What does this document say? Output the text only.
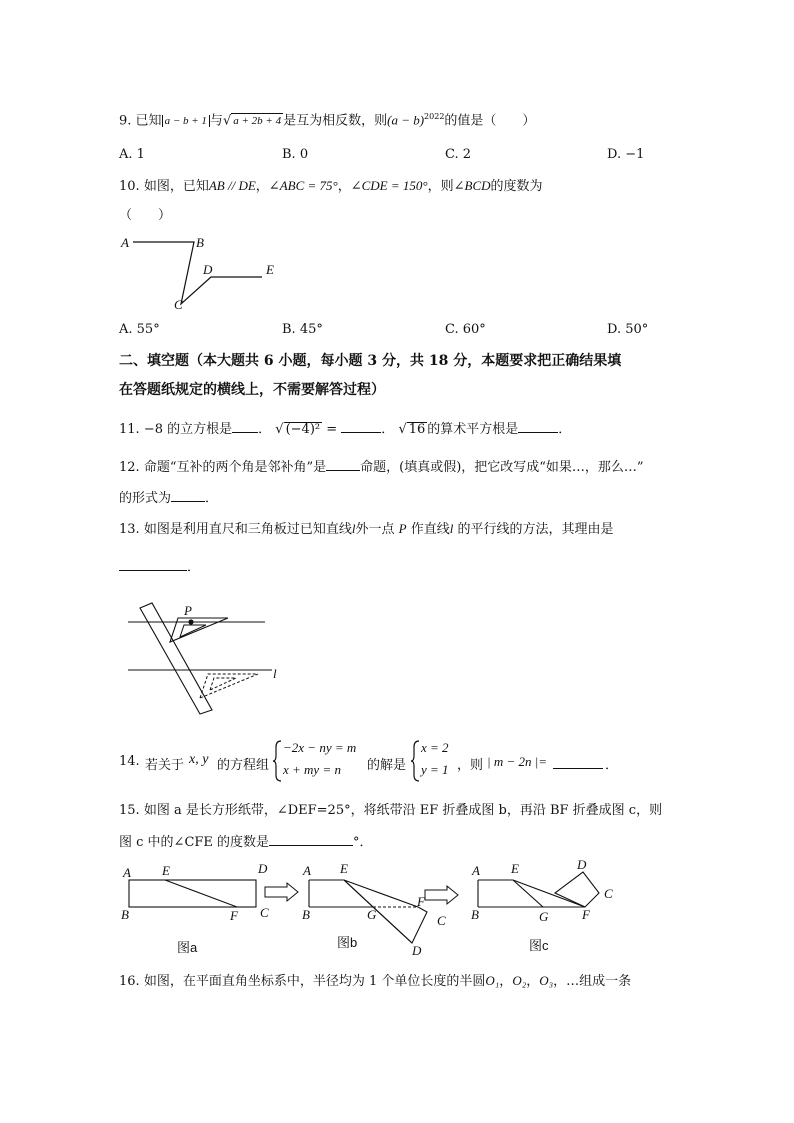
9. 已知 a − b + 1 与√ a + 2b + 4 是互为相反数，则$(a - b)^{2022}$的值是（　　）
A. 1	B. 0	C. 2	D. −1
10. 如图，已知AB // DE，∠ABC = 75°，∠CDE = 150°，则∠BCD的度数为
（　　）
A	B
C
D	E
A. 55°	B. 45°	C. 60°	D. 50°
二、填空题（本大题共 6 小题，每小题 3 分，共 18 分，本题要求把正确结果填
在答题纸规定的横线上，不需要解答过程）
11. −8 的立方根是 ． √ (−4)² =	． √ 16 的算术平方根是	．
12. 命题“互补的两个角是邻补角”是	命题，(填真或假)，把它改写成“如果…，那么…”
的形式为	．
13. 如图是利用直尺和三角板过已知直线l外一点 P 作直线l 的平行线的方法，其理由是
．
P
l
14. 若关于 x, y 的方程组
−2x − ny = m
x + my = n 的解是
x = 2
y = 1 ，则 | m − 2n |=	．
15. 如图 a 是长方形纸带，∠DEF=25°，将纸带沿 EF 折叠成图 b，再沿 BF 折叠成图 c，则
图 c 中的∠CFE 的度数是	°．
A E	D
B	F C
图a
A E
F
B	G	C
D
图b
D
A E
C
B	G	F
图c
16. 如图，在平面直角坐标系中，半径均为 1 个单位长度的半圆O₁，O₂，O₃，…组成一条
